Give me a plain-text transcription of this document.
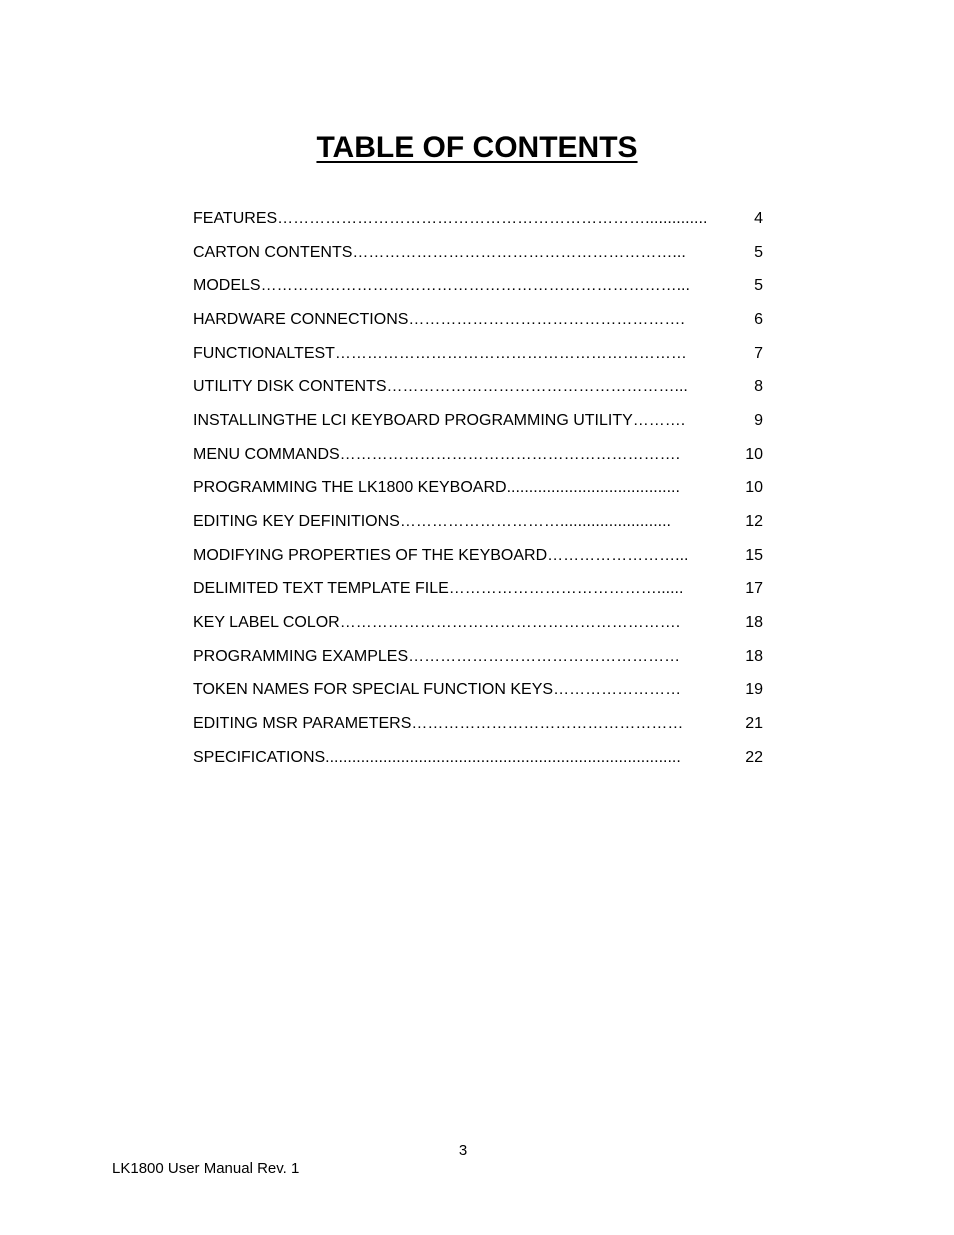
TABLE OF CONTENTS
FEATURES……………………………………………………………..............	4
CARTON CONTENTS……………………………………………………...	5
MODELS……………………………………………………………………...	5
HARDWARE CONNECTIONS…………………………………………….	6
FUNCTIONALTEST…………………………………………………………	7
UTILITY DISK CONTENTS………………………………………………...	8
INSTALLINGTHE LCI KEYBOARD PROGRAMMING UTILITY……….	9
MENU COMMANDS……………………………………………………….	10
PROGRAMMING THE LK1800 KEYBOARD.......................................	10
EDITING KEY DEFINITIONS………………………….........................	12
MODIFYING PROPERTIES OF THE KEYBOARD……………………...	15
DELIMITED TEXT TEMPLATE FILE…………………………………......	17
KEY LABEL COLOR……………………………………………………….	18
PROGRAMMING EXAMPLES……………………………………………	18
TOKEN NAMES FOR SPECIAL FUNCTION KEYS……………………	19
EDITING MSR PARAMETERS……………………………………………	21
SPECIFICATIONS................................................................................	22
3
LK1800 User Manual Rev. 1
